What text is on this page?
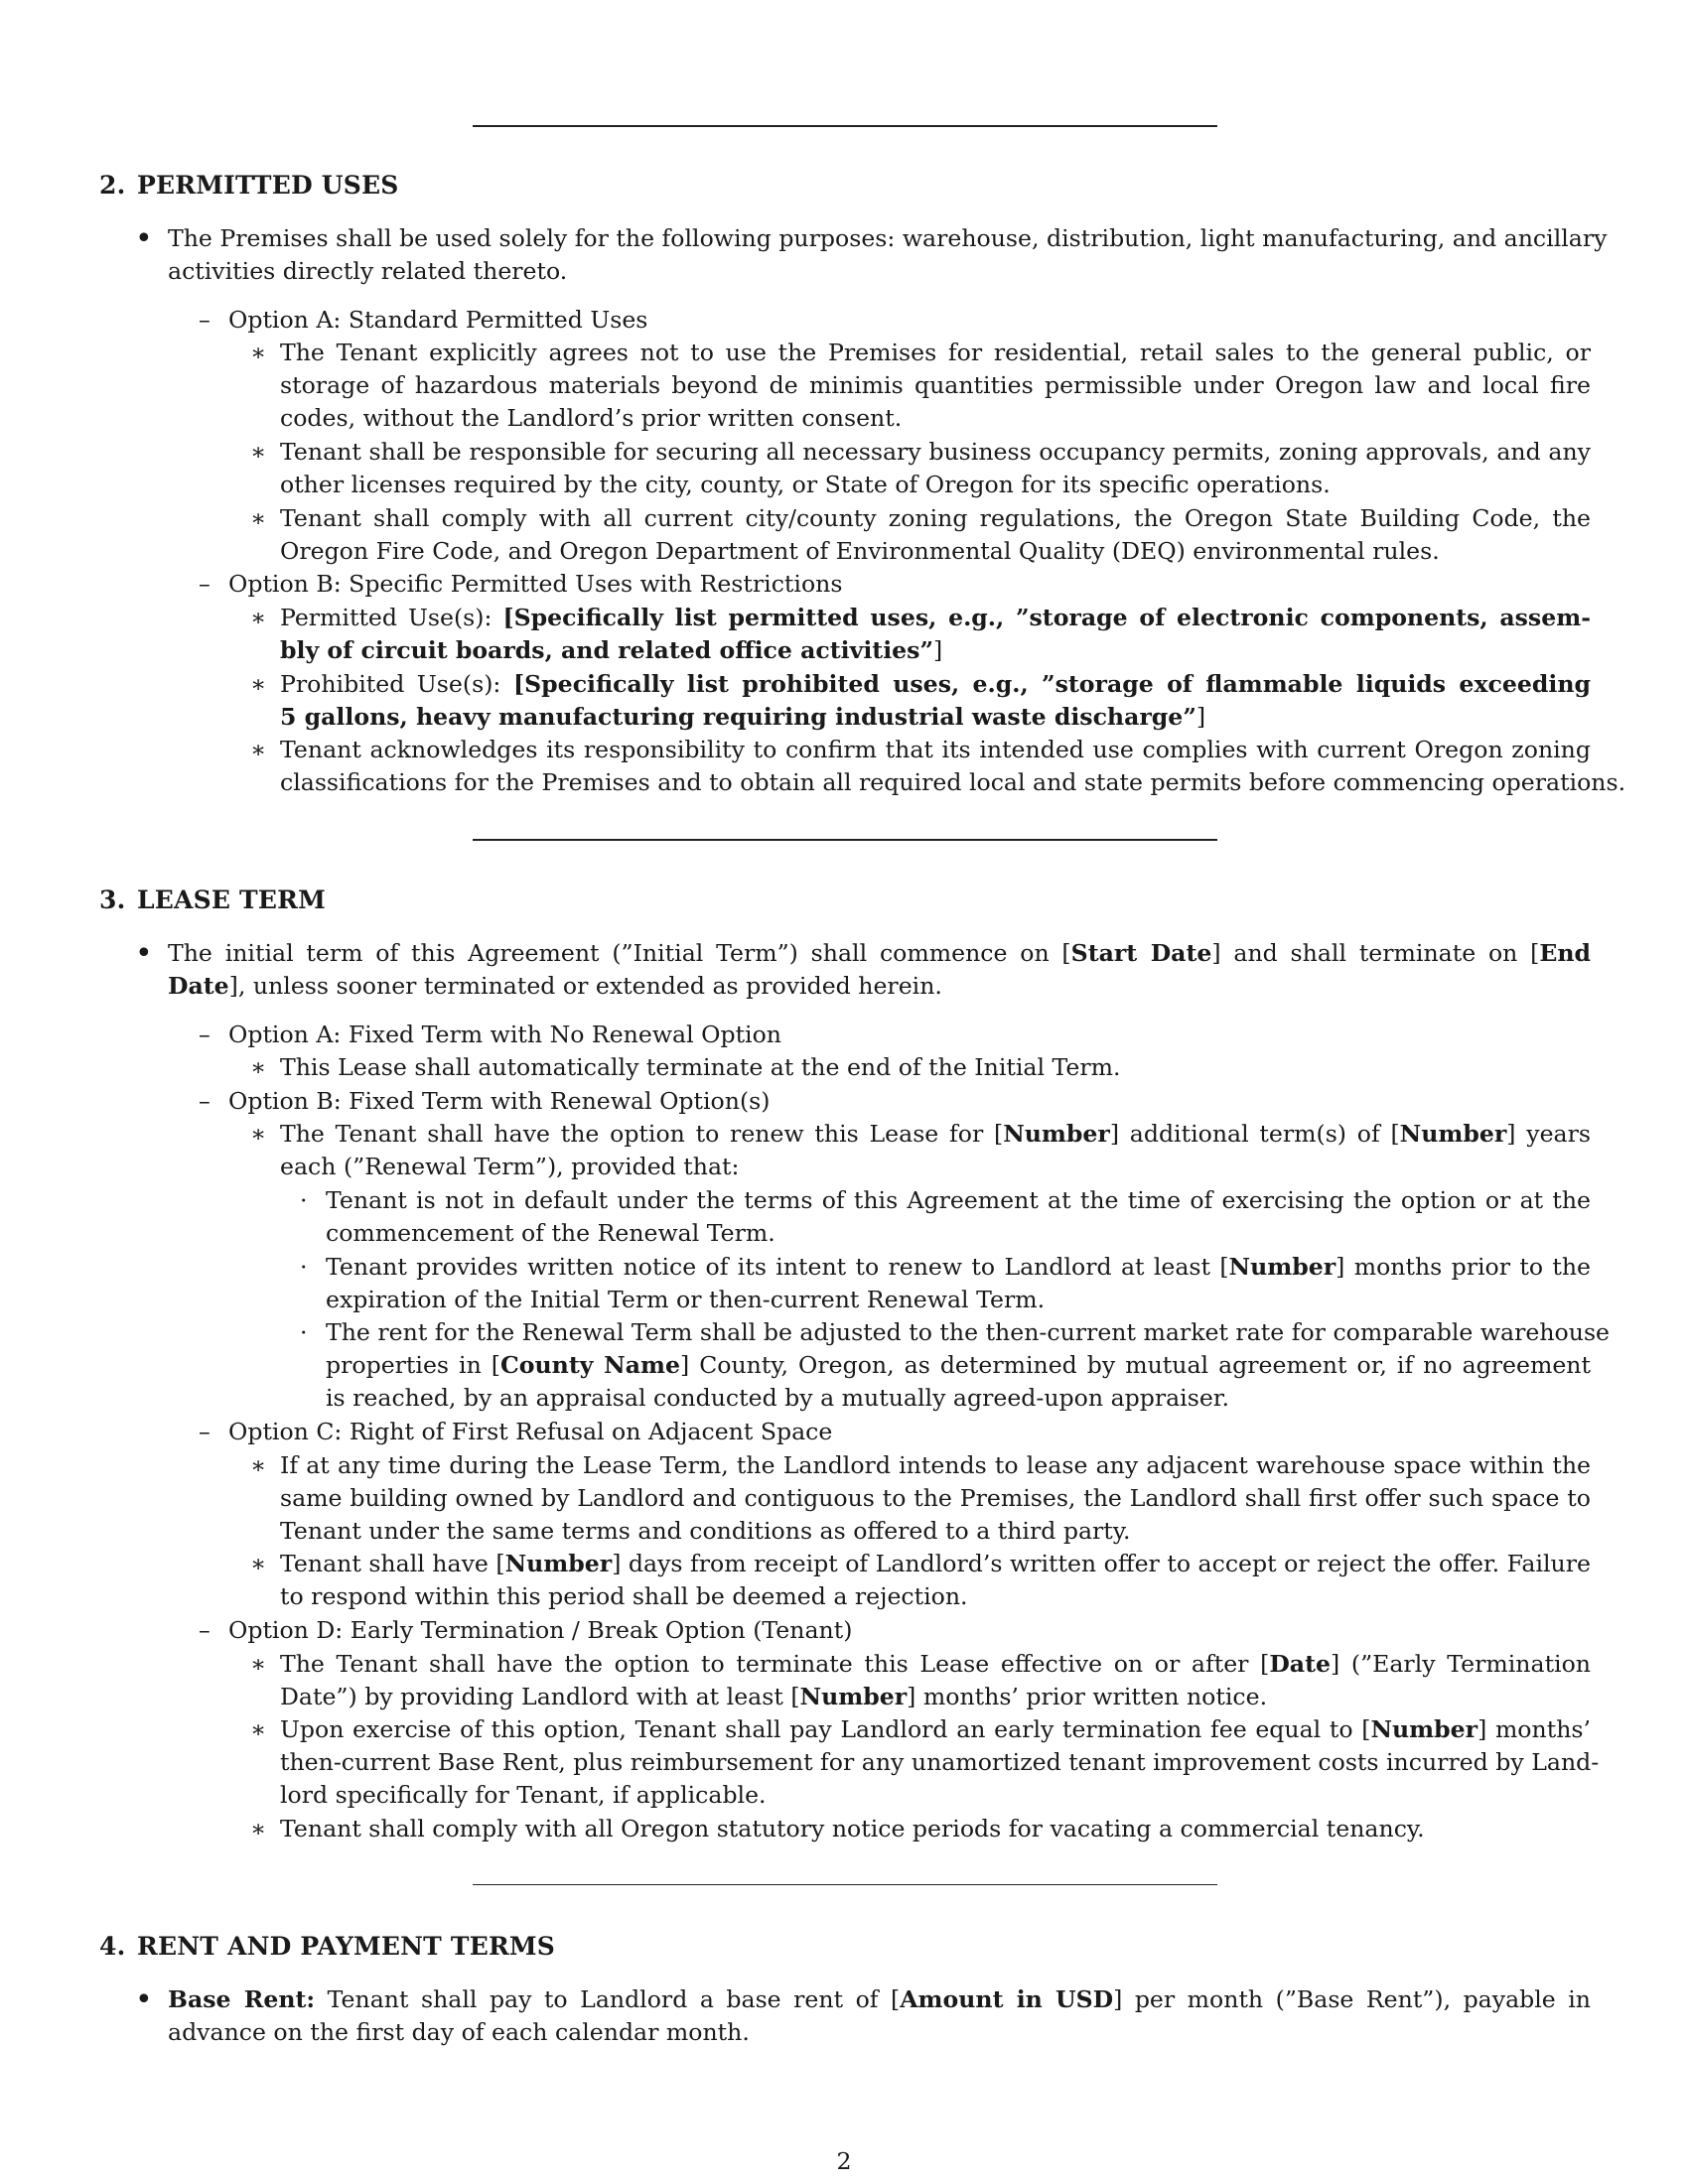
2. PERMITTED USES
• The Premises shall be used solely for the following purposes: warehouse, distribution, light manufacturing, and ancillary
activities directly related thereto.
– Option A: Standard Permitted Uses
∗ The Tenant explicitly agrees not to use the Premises for residential, retail sales to the general public, or
storage of hazardous materials beyond de minimis quantities permissible under Oregon law and local fire
codes, without the Landlord’s prior written consent.
∗ Tenant shall be responsible for securing all necessary business occupancy permits, zoning approvals, and any
other licenses required by the city, county, or State of Oregon for its specific operations.
∗ Tenant shall comply with all current city/county zoning regulations, the Oregon State Building Code, the
Oregon Fire Code, and Oregon Department of Environmental Quality (DEQ) environmental rules.
– Option B: Specific Permitted Uses with Restrictions
∗ Permitted Use(s): [Specifically list permitted uses, e.g., ”storage of electronic components, assem-
bly of circuit boards, and related office activities”]
∗ Prohibited Use(s): [Specifically list prohibited uses, e.g., ”storage of flammable liquids exceeding
5 gallons, heavy manufacturing requiring industrial waste discharge”]
∗ Tenant acknowledges its responsibility to confirm that its intended use complies with current Oregon zoning
classifications for the Premises and to obtain all required local and state permits before commencing operations.
3. LEASE TERM
• The initial term of this Agreement (”Initial Term”) shall commence on [Start Date] and shall terminate on [End
Date], unless sooner terminated or extended as provided herein.
– Option A: Fixed Term with No Renewal Option
∗ This Lease shall automatically terminate at the end of the Initial Term.
– Option B: Fixed Term with Renewal Option(s)
∗ The Tenant shall have the option to renew this Lease for [Number] additional term(s) of [Number] years
each (”Renewal Term”), provided that:
· Tenant is not in default under the terms of this Agreement at the time of exercising the option or at the
commencement of the Renewal Term.
· Tenant provides written notice of its intent to renew to Landlord at least [Number] months prior to the
expiration of the Initial Term or then-current Renewal Term.
· The rent for the Renewal Term shall be adjusted to the then-current market rate for comparable warehouse
properties in [County Name] County, Oregon, as determined by mutual agreement or, if no agreement
is reached, by an appraisal conducted by a mutually agreed-upon appraiser.
– Option C: Right of First Refusal on Adjacent Space
∗ If at any time during the Lease Term, the Landlord intends to lease any adjacent warehouse space within the
same building owned by Landlord and contiguous to the Premises, the Landlord shall first offer such space to
Tenant under the same terms and conditions as offered to a third party.
∗ Tenant shall have [Number] days from receipt of Landlord’s written offer to accept or reject the offer. Failure
to respond within this period shall be deemed a rejection.
– Option D: Early Termination / Break Option (Tenant)
∗ The Tenant shall have the option to terminate this Lease effective on or after [Date] (”Early Termination
Date”) by providing Landlord with at least [Number] months’ prior written notice.
∗ Upon exercise of this option, Tenant shall pay Landlord an early termination fee equal to [Number] months’
then-current Base Rent, plus reimbursement for any unamortized tenant improvement costs incurred by Land-
lord specifically for Tenant, if applicable.
∗ Tenant shall comply with all Oregon statutory notice periods for vacating a commercial tenancy.
4. RENT AND PAYMENT TERMS
• Base Rent: Tenant shall pay to Landlord a base rent of [Amount in USD] per month (”Base Rent”), payable in
advance on the first day of each calendar month.
2
